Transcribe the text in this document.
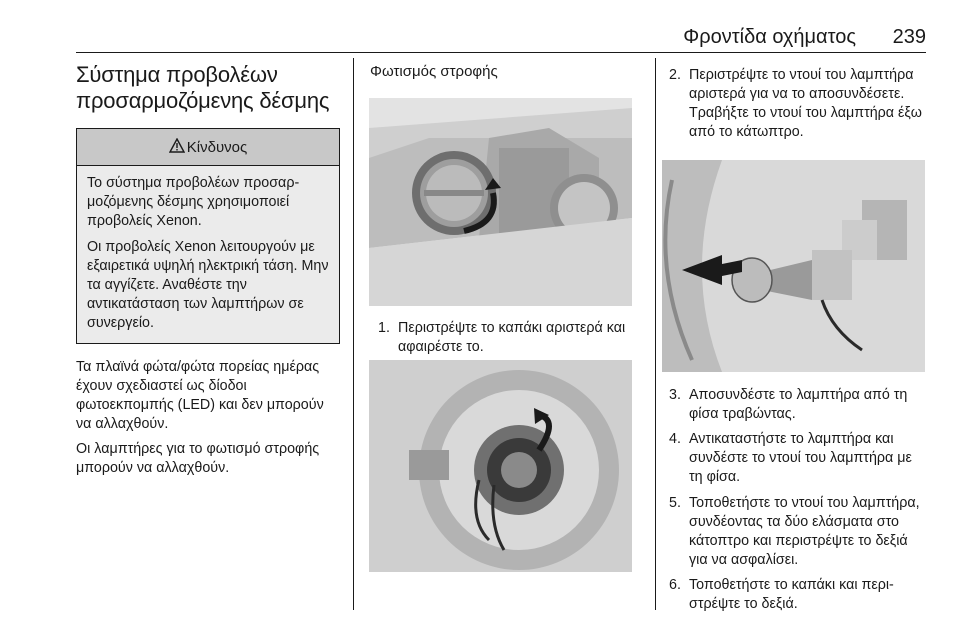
Φροντίδα οχήματος 239
Σύστημα προβολέων προσαρμοζόμενης δέσμης
Κίνδυνος

Το σύστημα προβολέων προσαρμοζόμενης δέσμης χρησιμοποιεί προβολείς Xenon.

Οι προβολείς Xenon λειτουργούν με εξαιρετικά υψηλή ηλεκτρική τάση. Μην τα αγγίζετε. Αναθέστε την αντικατάσταση των λαμπτήρων σε συνεργείο.

Τα πλαϊνά φώτα/φώτα πορείας ημέρας έχουν σχεδιαστεί ως δίοδοι φωτοεκπομπής (LED) και δεν μπορούν να αλλαχθούν.

Οι λαμπτήρες για το φωτισμό στροφής μπορούν να αλλαχθούν.

Φωτισμός στροφής
1. Περιστρέψτε το καπάκι αριστερά και αφαιρέστε το.
2. Περιστρέψτε το ντουί του λαμπτήρα αριστερά για να το αποσυνδέσετε. Τραβήξτε το ντουί του λαμπτήρα έξω από το κάτωπτρο.
3. Αποσυνδέστε το λαμπτήρα από τη φίσα τραβώντας.
4. Αντικαταστήστε το λαμπτήρα και συνδέστε το ντουί του λαμπτήρα με τη φίσα.
5. Τοποθετήστε το ντουί του λαμπτήρα, συνδέοντας τα δύο ελάσματα στο κάτοπτρο και περιστρέψτε το δεξιά για να ασφαλίσει.
6. Τοποθετήστε το καπάκι και περιστρέψτε το δεξιά.
